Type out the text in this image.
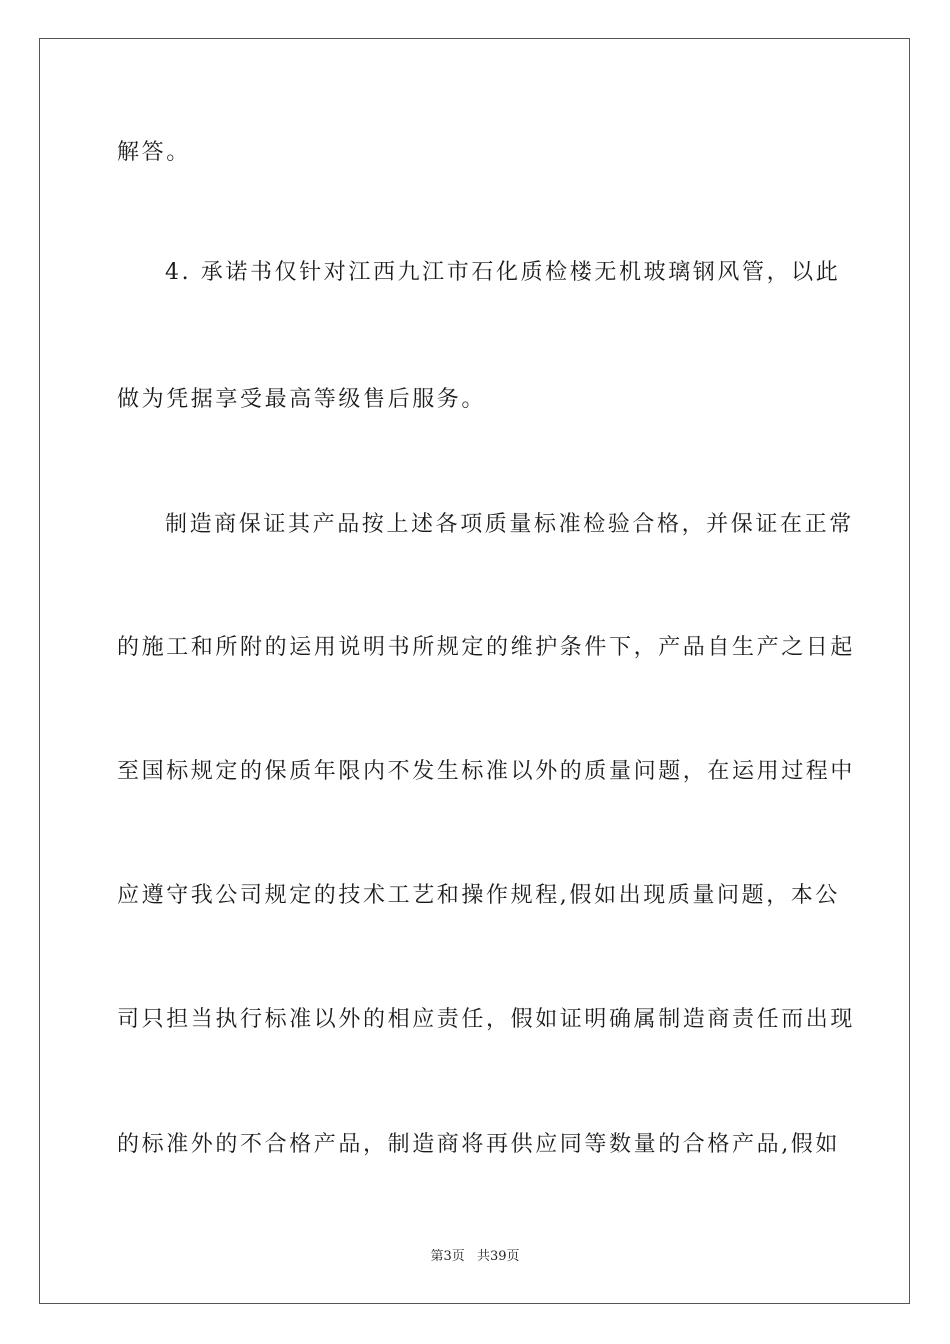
解答。
4. 承诺书仅针对江西九江市石化质检楼无机玻璃钢风管，以此
做为凭据享受最高等级售后服务。
制造商保证其产品按上述各项质量标准检验合格，并保证在正常
的施工和所附的运用说明书所规定的维护条件下，产品自生产之日起
至国标规定的保质年限内不发生标准以外的质量问题，在运用过程中
应遵守我公司规定的技术工艺和操作规程,假如出现质量问题，本公
司只担当执行标准以外的相应责任，假如证明确属制造商责任而出现
的标准外的不合格产品，制造商将再供应同等数量的合格产品,假如
第3页 共39页
